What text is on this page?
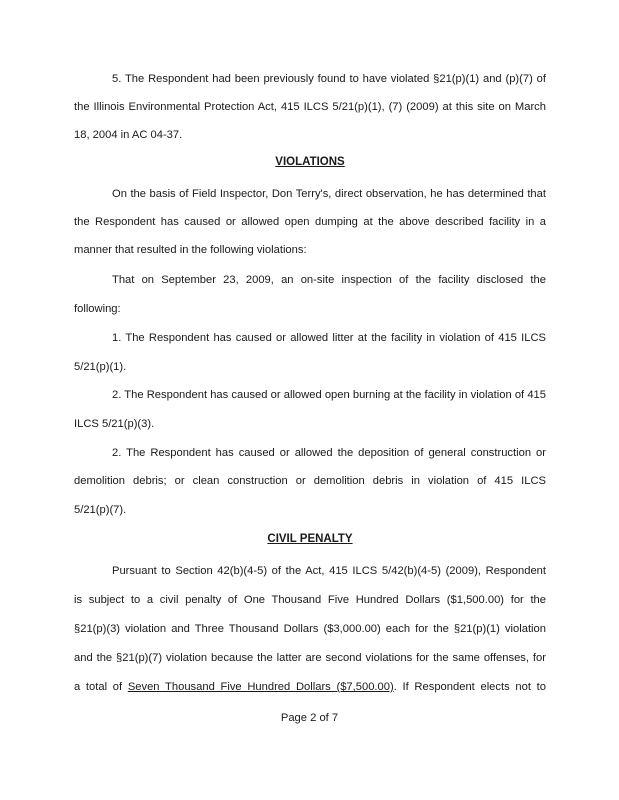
5. The Respondent had been previously found to have violated §21(p)(1) and (p)(7) of
the Illinois Environmental Protection Act, 415 ILCS 5/21(p)(1), (7) (2009) at this site on March
18, 2004 in AC 04-37.
VIOLATIONS
On the basis of Field Inspector, Don Terry's, direct observation, he has determined that
the Respondent has caused or allowed open dumping at the above described facility in a
manner that resulted in the following violations:
That on September 23, 2009, an on-site inspection of the facility disclosed the
following:
1. The Respondent has caused or allowed litter at the facility in violation of 415 ILCS
5/21(p)(1).
2. The Respondent has caused or allowed open burning at the facility in violation of 415
ILCS 5/21(p)(3).
2. The Respondent has caused or allowed the deposition of general construction or
demolition debris; or clean construction or demolition debris in violation of 415 ILCS
5/21(p)(7).
CIVIL PENALTY
Pursuant to Section 42(b)(4-5) of the Act, 415 ILCS 5/42(b)(4-5) (2009), Respondent
is subject to a civil penalty of One Thousand Five Hundred Dollars ($1,500.00) for the
§21(p)(3) violation and Three Thousand Dollars ($3,000.00) each for the §21(p)(1) violation
and the §21(p)(7) violation because the latter are second violations for the same offenses, for
a total of Seven Thousand Five Hundred Dollars ($7,500.00). If Respondent elects not to
Page 2 of 7
